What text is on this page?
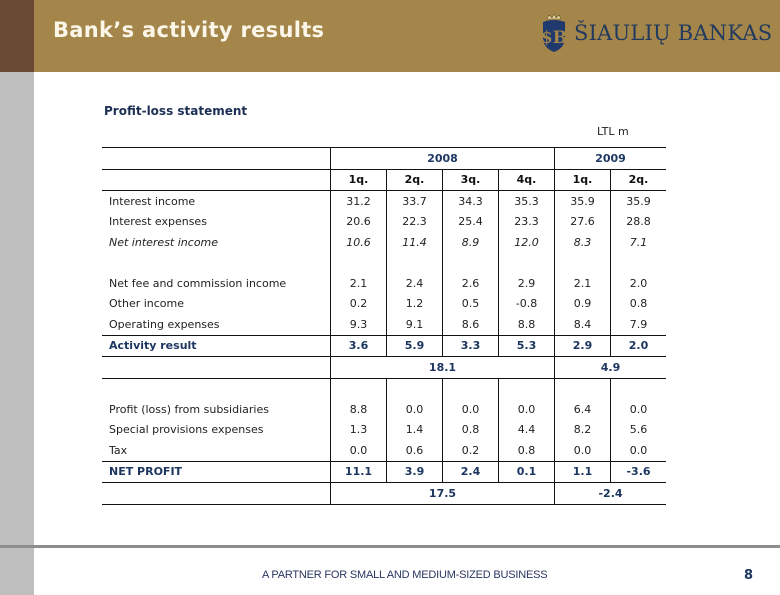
Bank’s activity results	$B ŠIAULIŲ BANKAS
Profit-loss statement
LTL m
	2008				2009	
	1q.	2q.	3q.	4q.	1q.	2q.
Interest income	31.2	33.7	34.3	35.3	35.9	35.9
Interest expenses	20.6	22.3	25.4	23.3	27.6	28.8
Net interest income	10.6	11.4	8.9	12.0	8.3	7.1

Net fee and commission income	2.1	2.4	2.6	2.9	2.1	2.0
Other income	0.2	1.2	0.5	-0.8	0.9	0.8
Operating expenses	9.3	9.1	8.6	8.8	8.4	7.9
Activity result	3.6	5.9	3.3	5.3	2.9	2.0
	18.1				4.9	

Profit (loss) from subsidiaries	8.8	0.0	0.0	0.0	6.4	0.0
Special provisions expenses	1.3	1.4	0.8	4.4	8.2	5.6
Tax	0.0	0.6	0.2	0.8	0.0	0.0
NET PROFIT	11.1	3.9	2.4	0.1	1.1	-3.6
	17.5				-2.4	
A PARTNER FOR SMALL AND MEDIUM-SIZED BUSINESS	8
